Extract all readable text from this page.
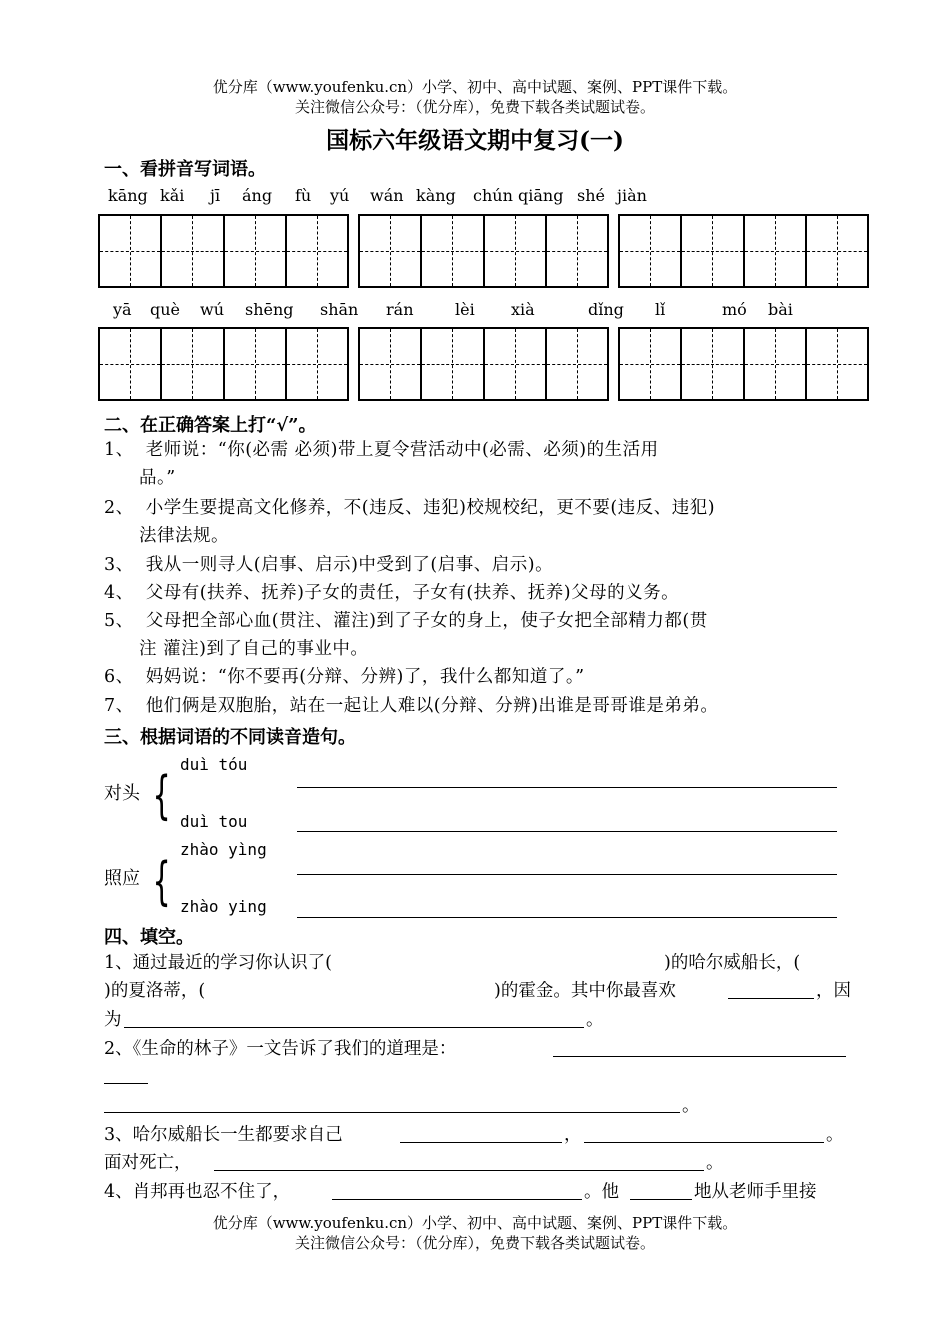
优分库（www.youfenku.cn）小学、初中、高中试题、案例、PPT课件下载。
关注微信公众号：（优分库），免费下载各类试题试卷。
国标六年级语文期中复习(一)
一、看拼音写词语。
kāng kǎi jī áng fù yú wán kàng chún qiāng shé jiàn
yā què wú shēng shān rán	lèi xià	dǐng lǐ	mó bài
二、在正确答案上打“√”。
1、 老师说：“你(必需 必须)带上夏令营活动中(必需、必须)的生活用
品。”
2、 小学生要提高文化修养，不(违反、违犯)校规校纪，更不要(违反、违犯)
法律法规。
3、 我从一则寻人(启事、启示)中受到了(启事、启示)。
4、 父母有(扶养、抚养)子女的责任，子女有(扶养、抚养)父母的义务。
5、 父母把全部心血(贯注、灌注)到了子女的身上，使子女把全部精力都(贯
注 灌注)到了自己的事业中。
6、 妈妈说：“你不要再(分辩、分辨)了，我什么都知道了。”
7、 他们俩是双胞胎，站在一起让人难以(分辩、分辨)出谁是哥哥谁是弟弟。
三、根据词语的不同读音造句。
对头 {
duì tóu
duì tou
照应 {
zhào yìng
zhào ying
四、填空。
1、通过最近的学习你认识了(	)的哈尔威船长，(
)的夏洛蒂，(	)的霍金。其中你最喜欢	，因
为	。
2、《生命的林子》一文告诉了我们的道理是：
。
3、哈尔威船长一生都要求自己	，	。
面对死亡，	。
4、肖邦再也忍不住了，	。他	地从老师手里接
优分库（www.youfenku.cn）小学、初中、高中试题、案例、PPT课件下载。
关注微信公众号：（优分库），免费下载各类试题试卷。
